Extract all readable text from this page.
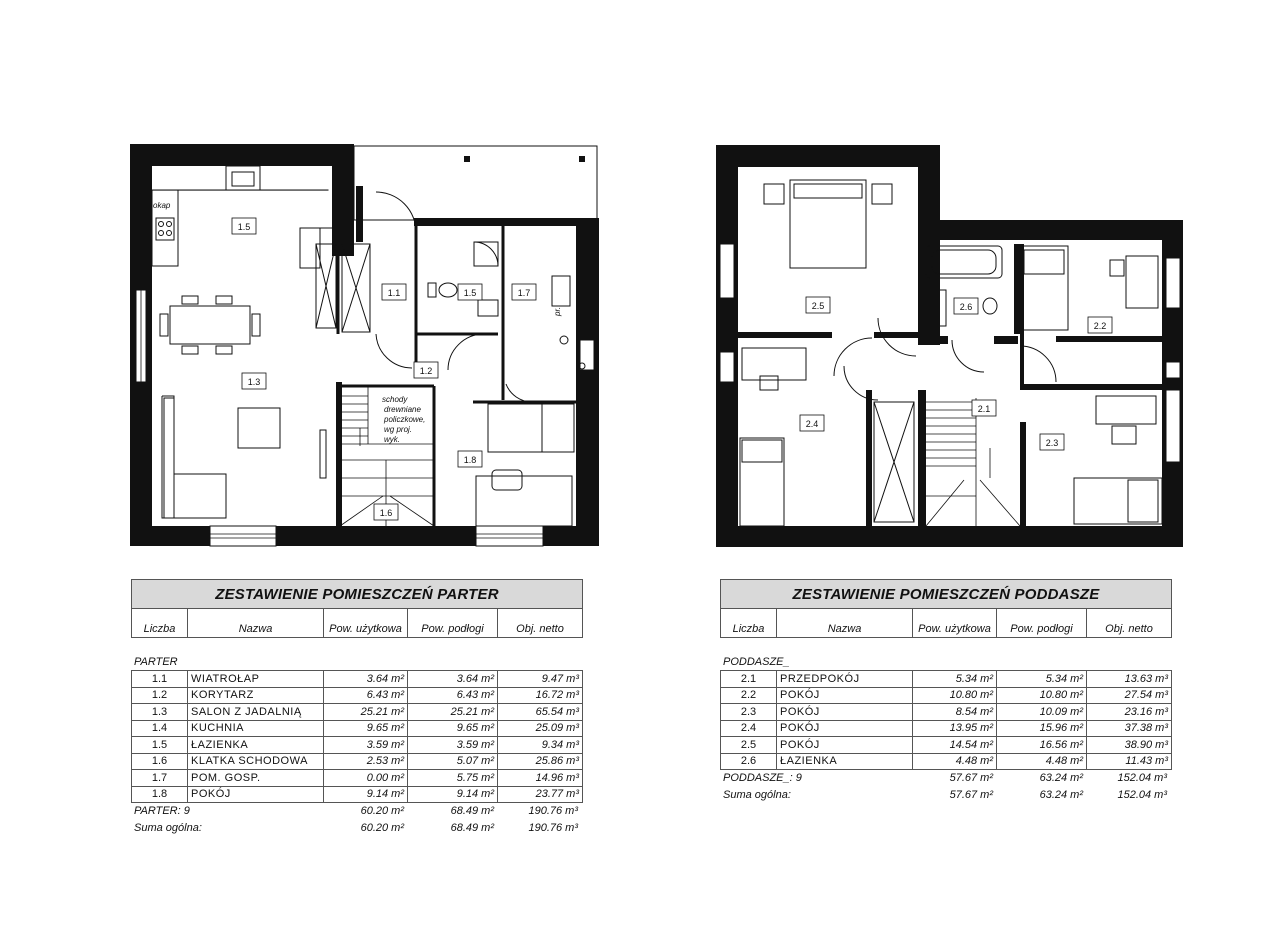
1.5
1.1	1.5	1.7
1.2
1.3
1.8
1.6
okap
schody
drewniane
policzkowe,
wg proj.
wyk.
pr.
2.5	2.6
2.2
2.1
2.4
2.3
ZESTAWIENIE POMIESZCZEŃ PARTER
Liczba	Nazwa	Pow. użytkowa	Pow. podłogi	Obj. netto
PARTER
1.1	WIATROŁAP	3.64 m²	3.64 m²	9.47 m³
1.2	KORYTARZ	6.43 m²	6.43 m²	16.72 m³
1.3	SALON Z JADALNIĄ	25.21 m²	25.21 m²	65.54 m³
1.4	KUCHNIA	9.65 m²	9.65 m²	25.09 m³
1.5	ŁAZIENKA	3.59 m²	3.59 m²	9.34 m³
1.6	KLATKA SCHODOWA	2.53 m²	5.07 m²	25.86 m³
1.7	POM. GOSP.	0.00 m²	5.75 m²	14.96 m³
1.8	POKÓJ	9.14 m²	9.14 m²	23.77 m³
PARTER: 9	60.20 m²	68.49 m²	190.76 m³
Suma ogólna:	60.20 m²	68.49 m²	190.76 m³
ZESTAWIENIE POMIESZCZEŃ PODDASZE
Liczba	Nazwa	Pow. użytkowa	Pow. podłogi	Obj. netto
PODDASZE_
2.1	PRZEDPOKÓJ	5.34 m²	5.34 m²	13.63 m³
2.2	POKÓJ	10.80 m²	10.80 m²	27.54 m³
2.3	POKÓJ	8.54 m²	10.09 m²	23.16 m³
2.4	POKÓJ	13.95 m²	15.96 m²	37.38 m³
2.5	POKÓJ	14.54 m²	16.56 m²	38.90 m³
2.6	ŁAZIENKA	4.48 m²	4.48 m²	11.43 m³
PODDASZE_: 9	57.67 m²	63.24 m²	152.04 m³
Suma ogólna:	57.67 m²	63.24 m²	152.04 m³
